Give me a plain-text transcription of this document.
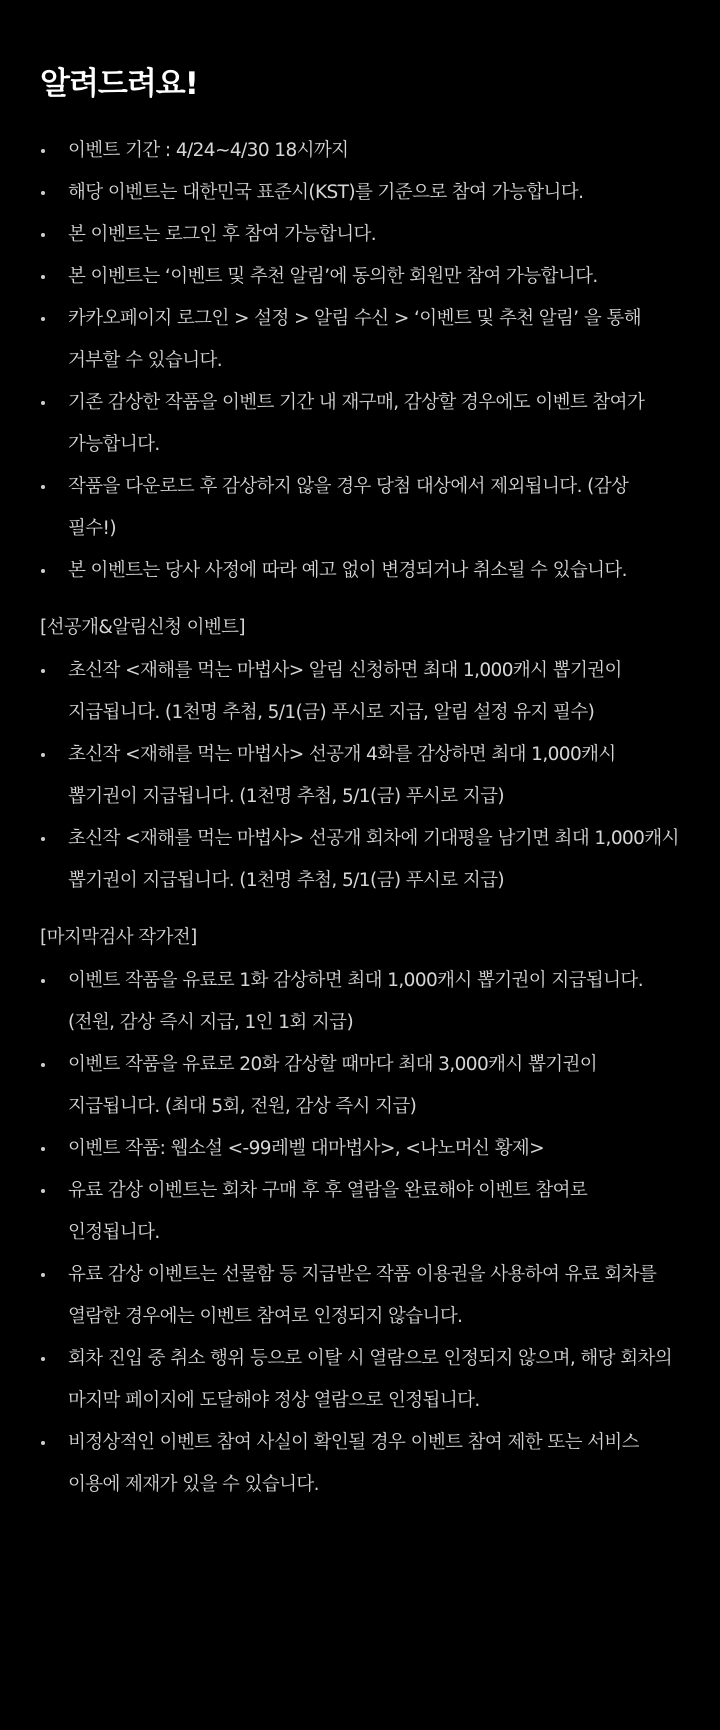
알려드려요!
이벤트 기간 : 4/24~4/30 18시까지
해당 이벤트는 대한민국 표준시(KST)를 기준으로 참여 가능합니다.
본 이벤트는 로그인 후 참여 가능합니다.
본 이벤트는 ‘이벤트 및 추천 알림’에 동의한 회원만 참여 가능합니다.
카카오페이지 로그인 > 설정 > 알림 수신 > ‘이벤트 및 추천 알림’ 을 통해 거부할 수 있습니다.
기존 감상한 작품을 이벤트 기간 내 재구매, 감상할 경우에도 이벤트 참여가 가능합니다.
작품을 다운로드 후 감상하지 않을 경우 당첨 대상에서 제외됩니다. (감상 필수!)
본 이벤트는 당사 사정에 따라 예고 없이 변경되거나 취소될 수 있습니다.
[선공개&알림신청 이벤트]
초신작 <재해를 먹는 마법사> 알림 신청하면 최대 1,000캐시 뽑기권이 지급됩니다. (1천명 추첨, 5/1(금) 푸시로 지급, 알림 설정 유지 필수)
초신작 <재해를 먹는 마법사> 선공개 4화를 감상하면 최대 1,000캐시 뽑기권이 지급됩니다. (1천명 추첨, 5/1(금) 푸시로 지급)
초신작 <재해를 먹는 마법사> 선공개 회차에 기대평을 남기면 최대 1,000캐시 뽑기권이 지급됩니다. (1천명 추첨, 5/1(금) 푸시로 지급)
[마지막검사 작가전]
이벤트 작품을 유료로 1화 감상하면 최대 1,000캐시 뽑기권이 지급됩니다. (전원, 감상 즉시 지급, 1인 1회 지급)
이벤트 작품을 유료로 20화 감상할 때마다 최대 3,000캐시 뽑기권이 지급됩니다. (최대 5회, 전원, 감상 즉시 지급)
이벤트 작품: 웹소설 <-99레벨 대마법사>, <나노머신 황제>
유료 감상 이벤트는 회차 구매 후 후 열람을 완료해야 이벤트 참여로 인정됩니다.
유료 감상 이벤트는 선물함 등 지급받은 작품 이용권을 사용하여 유료 회차를 열람한 경우에는 이벤트 참여로 인정되지 않습니다.
회차 진입 중 취소 행위 등으로 이탈 시 열람으로 인정되지 않으며, 해당 회차의 마지막 페이지에 도달해야 정상 열람으로 인정됩니다.
비정상적인 이벤트 참여 사실이 확인될 경우 이벤트 참여 제한 또는 서비스 이용에 제재가 있을 수 있습니다.
